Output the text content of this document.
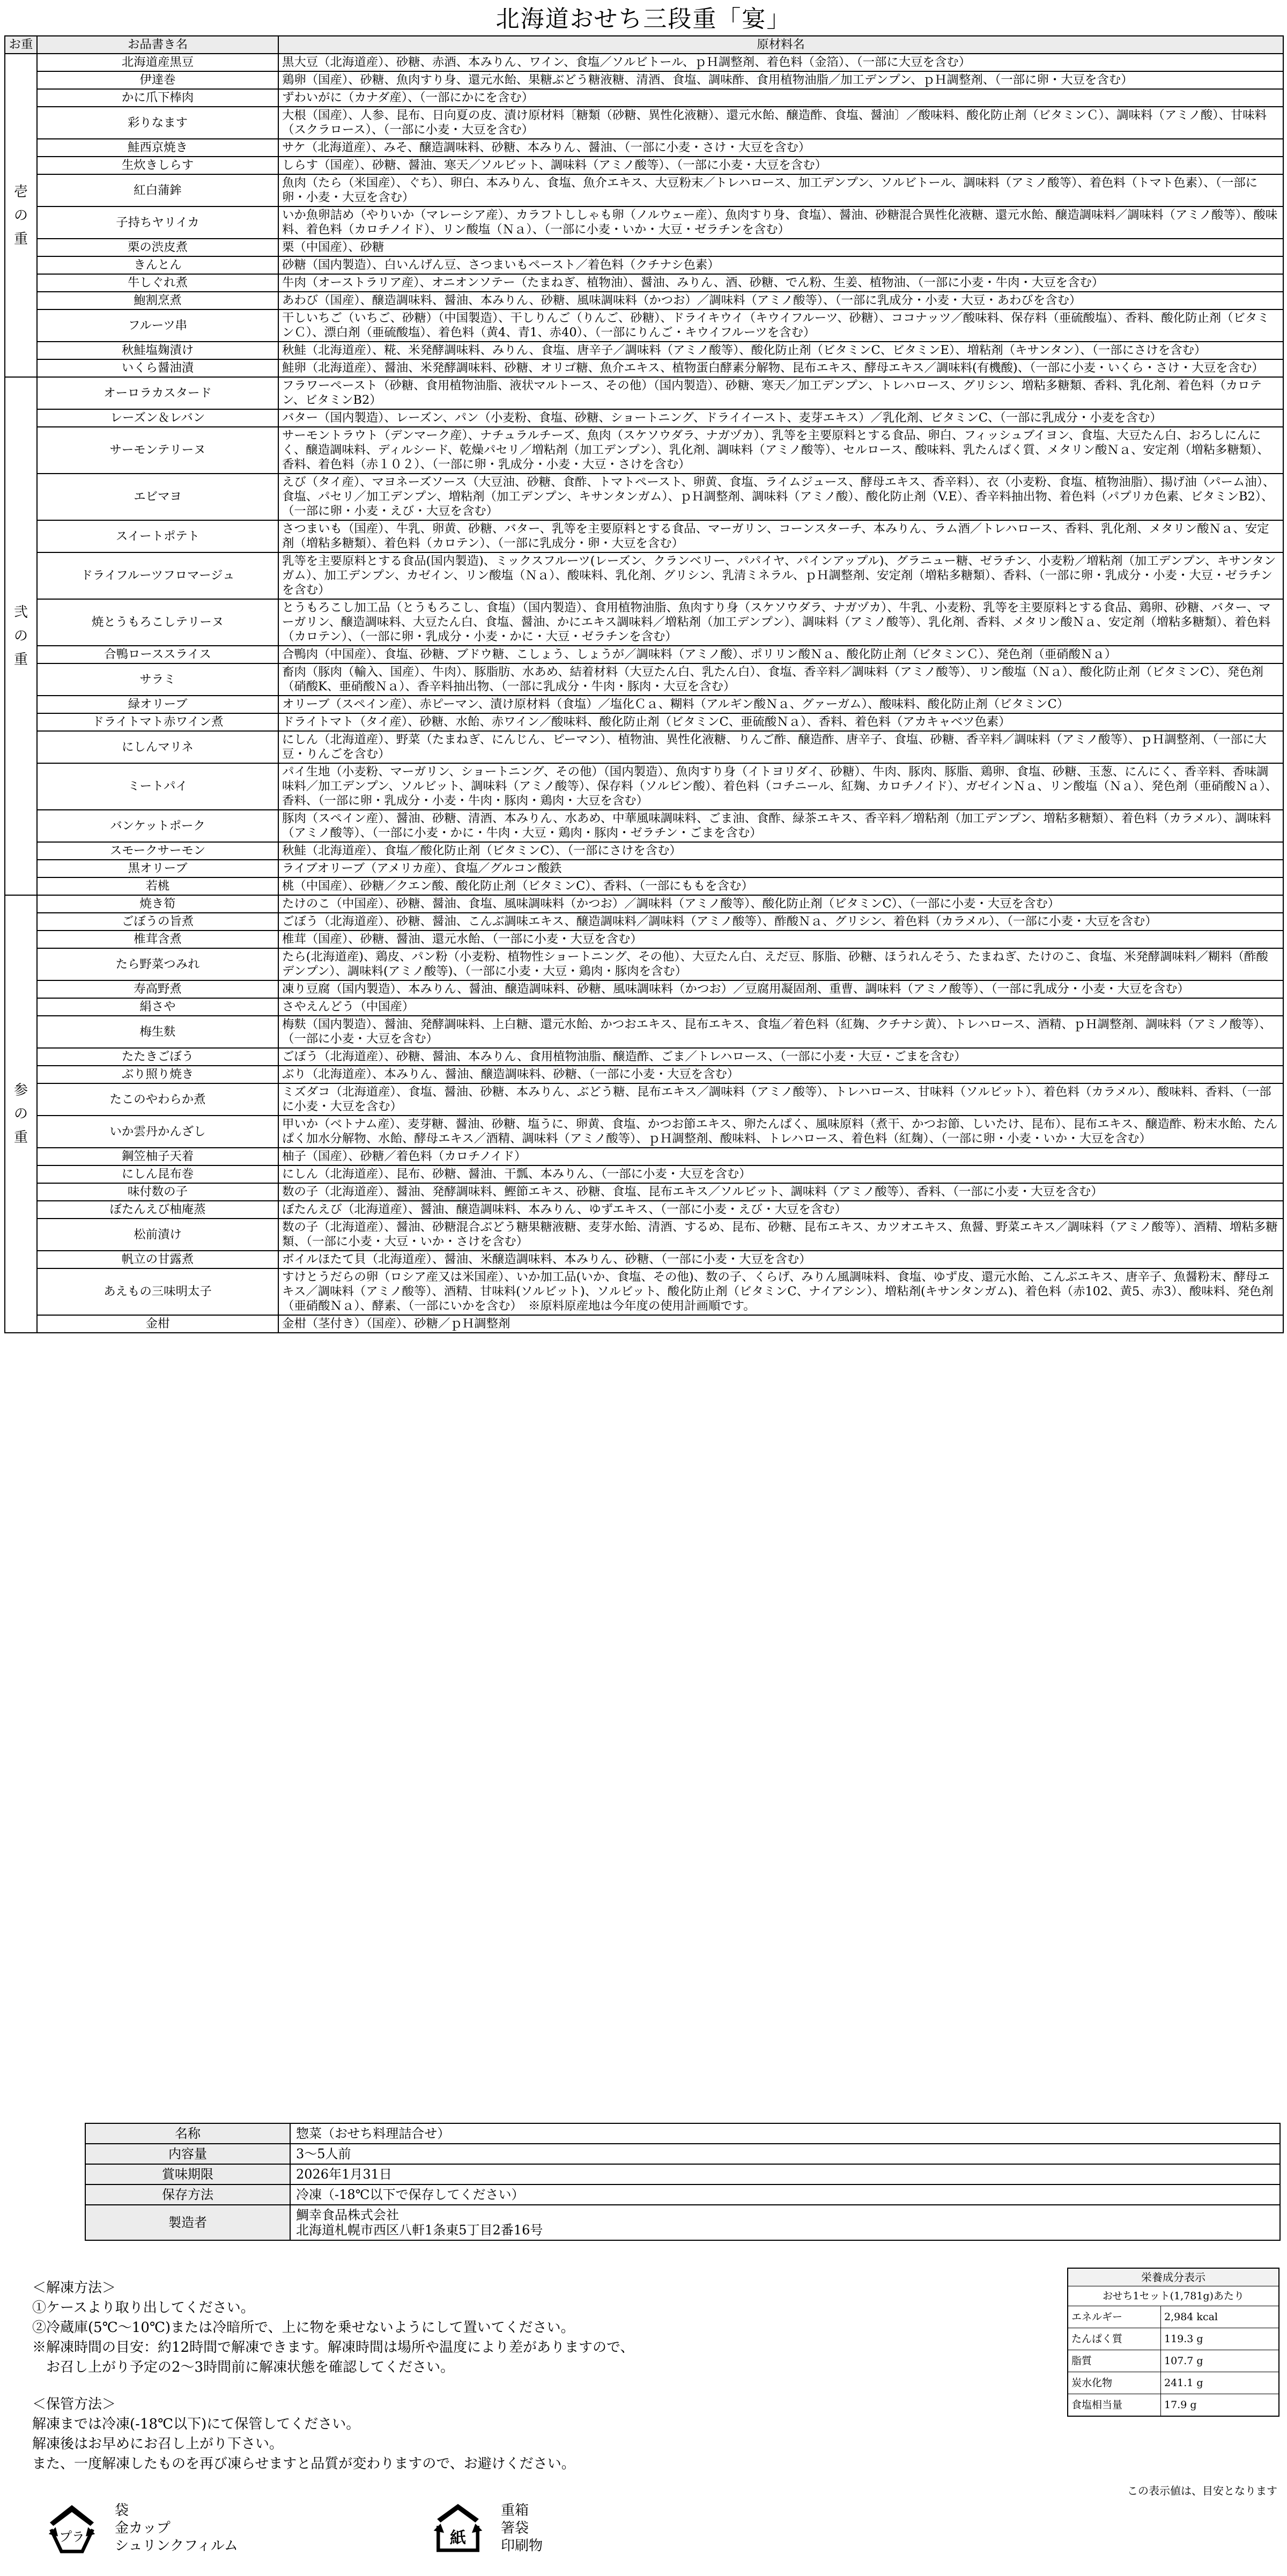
北海道おせち三段重「宴」
お重	お品書き名	原材料名
壱の重	北海道産黒豆	黒大豆（北海道産）、砂糖、赤酒、本みりん、ワイン、食塩／ソルビトール、ｐＨ調整剤、着色料（金箔）、（一部に大豆を含む）
	伊達巻	鶏卵（国産）、砂糖、魚肉すり身、還元水飴、果糖ぶどう糖液糖、清酒、食塩、調味酢、食用植物油脂／加工デンプン、ｐＨ調整剤、（一部に卵・大豆を含む）
	かに爪下棒肉	ずわいがに（カナダ産）、（一部にかにを含む）
	彩りなます	大根（国産）、人参、昆布、日向夏の皮、漬け原材料〔糖類（砂糖、異性化液糖）、還元水飴、醸造酢、食塩、醤油〕／酸味料、酸化防止剤（ビタミンＣ）、調味料（アミノ酸）、甘味料（スクラロース）、（一部に小麦・大豆を含む）
	鮭西京焼き	サケ（北海道産）、みそ、醸造調味料、砂糖、本みりん、醤油、（一部に小麦・さけ・大豆を含む）
	生炊きしらす	しらす（国産）、砂糖、醤油、寒天／ソルビット、調味料（アミノ酸等）、（一部に小麦・大豆を含む）
	紅白蒲鉾	魚肉（たら（米国産）、ぐち）、卵白、本みりん、食塩、魚介エキス、大豆粉末／トレハロース、加工デンプン、ソルビトール、調味料（アミノ酸等）、着色料（トマト色素）、（一部に卵・小麦・大豆を含む）
	子持ちヤリイカ	いか魚卵詰め（やりいか（マレーシア産）、カラフトししゃも卵（ノルウェー産）、魚肉すり身、食塩）、醤油、砂糖混合異性化液糖、還元水飴、醸造調味料／調味料（アミノ酸等）、酸味料、着色料（カロチノイド）、リン酸塩（Ｎａ）、（一部に小麦・いか・大豆・ゼラチンを含む）
	栗の渋皮煮	栗（中国産）、砂糖
	きんとん	砂糖（国内製造）、白いんげん豆、さつまいもペースト／着色料（クチナシ色素）
	牛しぐれ煮	牛肉（オーストラリア産）、オニオンソテー（たまねぎ、植物油）、醤油、みりん、酒、砂糖、でん粉、生姜、植物油、（一部に小麦・牛肉・大豆を含む）
	鮑割烹煮	あわび（国産）、醸造調味料、醤油、本みりん、砂糖、風味調味料（かつお）／調味料（アミノ酸等）、（一部に乳成分・小麦・大豆・あわびを含む）
	フルーツ串	干しいちご（いちご、砂糖）（中国製造）、干しりんご（りんご、砂糖）、ドライキウイ（キウイフルーツ、砂糖）、ココナッツ／酸味料、保存料（亜硫酸塩）、香料、酸化防止剤（ビタミンＣ）、漂白剤（亜硫酸塩）、着色料（黄4、青1、赤40）、（一部にりんご・キウイフルーツを含む）
	秋鮭塩麹漬け	秋鮭（北海道産）、糀、米発酵調味料、みりん、食塩、唐辛子／調味料（アミノ酸等）、酸化防止剤（ビタミンC、ビタミンE）、増粘剤（キサンタン）、（一部にさけを含む）
	いくら醤油漬	鮭卵（北海道産）、醤油、米発酵調味料、砂糖、オリゴ糖、魚介エキス、植物蛋白酵素分解物、昆布エキス、酵母エキス／調味料(有機酸)、（一部に小麦・いくら・さけ・大豆を含む）
弐の重	オーロラカスタード	フラワーペースト（砂糖、食用植物油脂、液状マルトース、その他）（国内製造）、砂糖、寒天／加工デンプン、トレハロース、グリシン、増粘多糖類、香料、乳化剤、着色料（カロテン、ビタミンB2）
	レーズン＆レバン	バター（国内製造）、レーズン、パン（小麦粉、食塩、砂糖、ショートニング、ドライイースト、麦芽エキス）／乳化剤、ビタミンC、（一部に乳成分・小麦を含む）
	サーモンテリーヌ	サーモントラウト（デンマーク産）、ナチュラルチーズ、魚肉（スケソウダラ、ナガヅカ）、乳等を主要原料とする食品、卵白、フィッシュブイヨン、食塩、大豆たん白、おろしにんにく、醸造調味料、ディルシード、乾燥パセリ／増粘剤（加工デンプン）、乳化剤、調味料（アミノ酸等）、セルロース、酸味料、乳たんぱく質、メタリン酸Ｎａ、安定剤（増粘多糖類）、香料、着色料（赤１０２）、（一部に卵・乳成分・小麦・大豆・さけを含む）
	エビマヨ	えび（タイ産）、マヨネーズソース（大豆油、砂糖、食酢、トマトペースト、卵黄、食塩、ライムジュース、酵母エキス、香辛料）、衣（小麦粉、食塩、植物油脂）、揚げ油（パーム油）、食塩、パセリ／加工デンプン、増粘剤（加工デンプン、キサンタンガム）、ｐＨ調整剤、調味料（アミノ酸）、酸化防止剤（V.E）、香辛料抽出物、着色料（パプリカ色素、ビタミンB2）、（一部に卵・小麦・えび・大豆を含む）
	スイートポテト	さつまいも（国産）、牛乳、卵黄、砂糖、バター、乳等を主要原料とする食品、マーガリン、コーンスターチ、本みりん、ラム酒／トレハロース、香料、乳化剤、メタリン酸Ｎａ、安定剤（増粘多糖類）、着色料（カロテン）、（一部に乳成分・卵・大豆を含む）
	ドライフルーツフロマージュ	乳等を主要原料とする食品(国内製造)、ミックスフルーツ(レーズン、クランベリー、パパイヤ、パインアップル)、グラニュー糖、ゼラチン、小麦粉／増粘剤（加工デンプン、キサンタンガム）、加工デンプン、カゼイン、リン酸塩（Ｎａ）、酸味料、乳化剤、グリシン、乳清ミネラル、ｐＨ調整剤、安定剤（増粘多糖類）、香料、（一部に卵・乳成分・小麦・大豆・ゼラチンを含む）
	焼とうもろこしテリーヌ	とうもろこし加工品（とうもろこし、食塩）（国内製造）、食用植物油脂、魚肉すり身（スケソウダラ、ナガヅカ）、牛乳、小麦粉、乳等を主要原料とする食品、鶏卵、砂糖、バター、マーガリン、醸造調味料、大豆たん白、食塩、醤油、かにエキス調味料／増粘剤（加工デンプン）、調味料（アミノ酸等）、乳化剤、香料、メタリン酸Ｎａ、安定剤（増粘多糖類）、着色料（カロテン）、（一部に卵・乳成分・小麦・かに・大豆・ゼラチンを含む）
	合鴨ローススライス	合鴨肉（中国産）、食塩、砂糖、ブドウ糖、こしょう、しょうが／調味料（アミノ酸）、ポリリン酸Ｎａ、酸化防止剤（ビタミンＣ）、発色剤（亜硝酸Ｎａ）
	サラミ	畜肉（豚肉（輸入、国産）、牛肉）、豚脂肪、水あめ、結着材料（大豆たん白、乳たん白）、食塩、香辛料／調味料（アミノ酸等）、リン酸塩（Ｎａ）、酸化防止剤（ビタミンC）、発色剤（硝酸K、亜硝酸Ｎａ）、香辛料抽出物、（一部に乳成分・牛肉・豚肉・大豆を含む）
	緑オリーブ	オリーブ（スペイン産）、赤ピーマン、漬け原材料（食塩）／塩化Ｃａ、糊料（アルギン酸Ｎａ、グァーガム）、酸味料、酸化防止剤（ビタミンC）
	ドライトマト赤ワイン煮	ドライトマト（タイ産）、砂糖、水飴、赤ワイン／酸味料、酸化防止剤（ビタミンC、亜硫酸Ｎａ）、香料、着色料（アカキャベツ色素）
	にしんマリネ	にしん（北海道産）、野菜（たまねぎ、にんじん、ピーマン）、植物油、異性化液糖、りんご酢、醸造酢、唐辛子、食塩、砂糖、香辛料／調味料（アミノ酸等）、ｐＨ調整剤、（一部に大豆・りんごを含む）
	ミートパイ	パイ生地（小麦粉、マーガリン、ショートニング、その他）（国内製造）、魚肉すり身（イトヨリダイ、砂糖）、牛肉、豚肉、豚脂、鶏卵、食塩、砂糖、玉葱、にんにく、香辛料、香味調味料／加工デンプン、ソルビット、調味料（アミノ酸等）、保存料（ソルビン酸）、着色料（コチニール、紅麹、カロチノイド）、ガゼインＮａ、リン酸塩（Ｎａ）、発色剤（亜硝酸Ｎａ）、香料、（一部に卵・乳成分・小麦・牛肉・豚肉・鶏肉・大豆を含む）
	バンケットポーク	豚肉（スペイン産）、醤油、砂糖、清酒、本みりん、水あめ、中華風味調味料、ごま油、食酢、緑茶エキス、香辛料／増粘剤（加工デンプン、増粘多糖類）、着色料（カラメル）、調味料（アミノ酸等）、（一部に小麦・かに・牛肉・大豆・鶏肉・豚肉・ゼラチン・ごまを含む）
	スモークサーモン	秋鮭（北海道産）、食塩／酸化防止剤（ビタミンC）、（一部にさけを含む）
	黒オリーブ	ライブオリーブ（アメリカ産）、食塩／グルコン酸鉄
	若桃	桃（中国産）、砂糖／クエン酸、酸化防止剤（ビタミンC）、香料、（一部にももを含む）
参の重	焼き筍	たけのこ（中国産）、砂糖、醤油、食塩、風味調味料（かつお）／調味料（アミノ酸等）、酸化防止剤（ビタミンC）、（一部に小麦・大豆を含む）
	ごぼうの旨煮	ごぼう（北海道産）、砂糖、醤油、こんぶ調味エキス、醸造調味料／調味料（アミノ酸等）、酢酸Ｎａ、グリシン、着色料（カラメル）、（一部に小麦・大豆を含む）
	椎茸含煮	椎茸（国産）、砂糖、醤油、還元水飴、（一部に小麦・大豆を含む）
	たら野菜つみれ	たら(北海道産)、鶏皮、パン粉（小麦粉、植物性ショートニング、その他）、大豆たん白、えだ豆、豚脂、砂糖、ほうれんそう、たまねぎ、たけのこ、食塩、米発酵調味料／糊料（酢酸デンプン）、調味料(アミノ酸等)、（一部に小麦・大豆・鶏肉・豚肉を含む）
	寿高野煮	凍り豆腐（国内製造）、本みりん、醤油、醸造調味料、砂糖、風味調味料（かつお）／豆腐用凝固剤、重曹、調味料（アミノ酸等）、（一部に乳成分・小麦・大豆を含む）
	絹さや	さやえんどう（中国産）
	梅生麩	梅麩（国内製造）、醤油、発酵調味料、上白糖、還元水飴、かつおエキス、昆布エキス、食塩／着色料（紅麹、クチナシ黄）、トレハロース、酒精、ｐＨ調整剤、調味料（アミノ酸等）、（一部に小麦・大豆を含む）
	たたきごぼう	ごぼう（北海道産）、砂糖、醤油、本みりん、食用植物油脂、醸造酢、ごま／トレハロース、（一部に小麦・大豆・ごまを含む）
	ぶり照り焼き	ぶり（北海道産）、本みりん、醤油、醸造調味料、砂糖、（一部に小麦・大豆を含む）
	たこのやわらか煮	ミズダコ（北海道産）、食塩、醤油、砂糖、本みりん、ぶどう糖、昆布エキス／調味料（アミノ酸等）、トレハロース、甘味料（ソルビット）、着色料（カラメル）、酸味料、香料、（一部に小麦・大豆を含む）
	いか雲丹かんざし	甲いか（ベトナム産）、麦芽糖、醤油、砂糖、塩うに、卵黄、食塩、かつお節エキス、卵たんぱく、風味原料（煮干、かつお節、しいたけ、昆布）、昆布エキス、醸造酢、粉末水飴、たんぱく加水分解物、水飴、酵母エキス／酒精、調味料（アミノ酸等）、ｐＨ調整剤、酸味料、トレハロース、着色料（紅麹）、（一部に卵・小麦・いか・大豆を含む）
	鋼笠柚子天着	柚子（国産）、砂糖／着色料（カロチノイド）
	にしん昆布巻	にしん（北海道産）、昆布、砂糖、醤油、干瓢、本みりん、（一部に小麦・大豆を含む）
	味付数の子	数の子（北海道産）、醤油、発酵調味料、鰹節エキス、砂糖、食塩、昆布エキス／ソルビット、調味料（アミノ酸等）、香料、（一部に小麦・大豆を含む）
	ぼたんえび柚庵蒸	ぼたんえび（北海道産）、醤油、醸造調味料、本みりん、ゆずエキス、（一部に小麦・えび・大豆を含む）
	松前漬け	数の子（北海道産）、醤油、砂糖混合ぶどう糖果糖液糖、麦芽水飴、清酒、するめ、昆布、砂糖、昆布エキス、カツオエキス、魚醤、野菜エキス／調味料（アミノ酸等）、酒精、増粘多糖類、（一部に小麦・大豆・いか・さけを含む）
	帆立の甘露煮	ボイルほたて貝（北海道産）、醤油、米醸造調味料、本みりん、砂糖、（一部に小麦・大豆を含む）
	あえもの三味明太子	すけとうだらの卵（ロシア産又は米国産）、いか加工品(いか、食塩、その他)、数の子、くらげ、みりん風調味料、食塩、ゆず皮、還元水飴、こんぶエキス、唐辛子、魚醤粉末、酵母エキス／調味料（アミノ酸等）、酒精、甘味料(ソルビット)、ソルビット、酸化防止剤（ビタミンC、ナイアシン）、増粘剤(キサンタンガム)、着色料（赤102、黄5、赤3）、酸味料、発色剤（亜硝酸Ｎａ）、酵素、（一部にいかを含む）　※原料原産地は今年度の使用計画順です。
	金柑	金柑（茎付き）（国産）、砂糖／ｐＨ調整剤
名称	惣菜（おせち料理詰合せ）

内容量	3～5人前

賞味期限	2026年1月31日

保存方法	冷凍（-18℃以下で保存してください）

製造者	鯛幸食品株式会社
北海道札幌市西区八軒1条東5丁目2番16号
＜解凍方法＞
①ケースより取り出してください。
②冷蔵庫(5℃～10℃)または冷暗所で、上に物を乗せないようにして置いてください。
※解凍時間の目安：約12時間で解凍できます。解凍時間は場所や温度により差がありますので、
　お召し上がり予定の2～3時間前に解凍状態を確認してください。
＜保管方法＞
解凍までは冷凍(-18℃以下)にて保管してください。
解凍後はお早めにお召し上がり下さい。
また、一度解凍したものを再び凍らせますと品質が変わりますので、お避けください。
栄養成分表示
おせち1セット(1,781g)あたり
エネルギー	2,984 kcal
たんぱく質	119.3 g
脂質	107.7 g
炭水化物	241.1 g
食塩相当量	17.9 g
この表示値は、目安となります
プラ
袋
金カップ
シュリンクフィルム	紙
重箱
箸袋
印刷物
